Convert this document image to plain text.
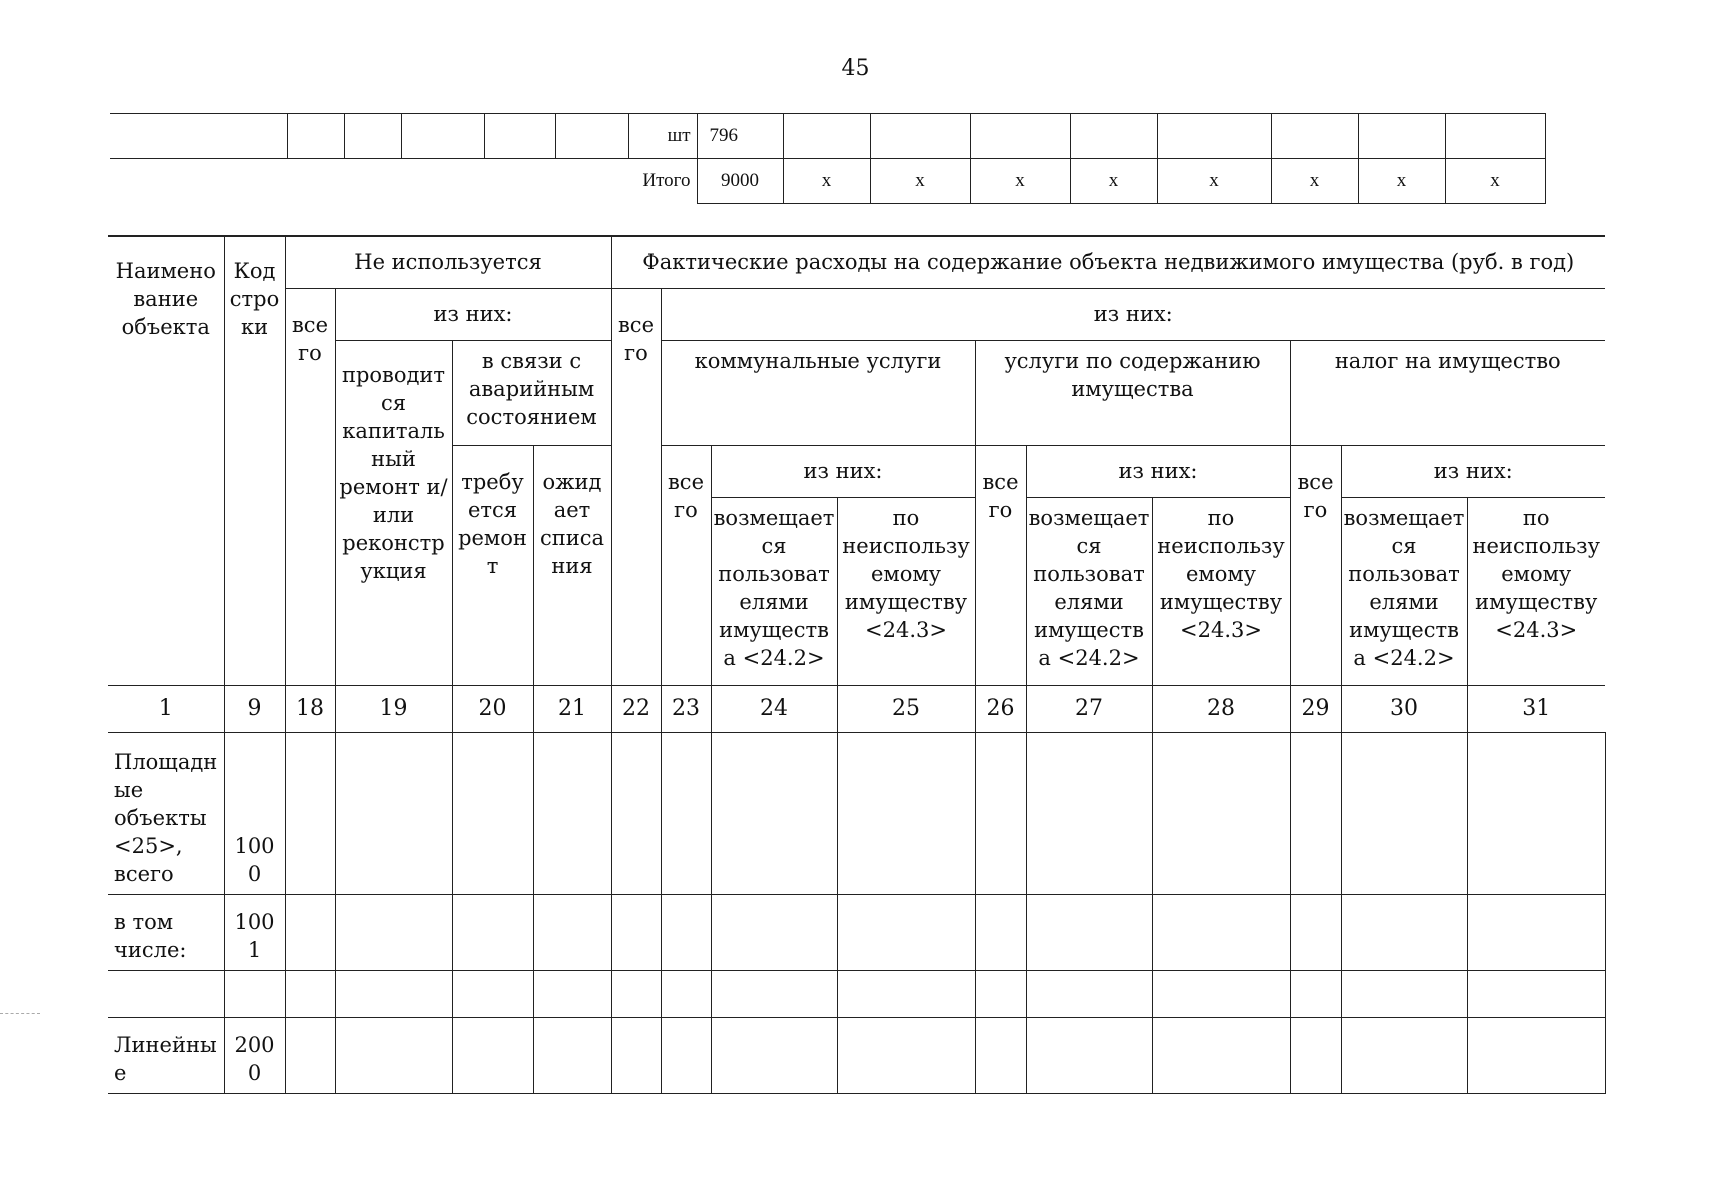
45
						шт	796								
Итого							9000	x	x	x	x	x	x	x	x
Наимено вание объекта	Код стро ки	Не используется				Фактические расходы на содержание объекта недвижимого имущества (руб. в год)									
		все го	из них:			все го	из них:								
			проводит ся капиталь ный ремонт и/или реконстр укция	в связи с аварийным состоянием			коммунальные услуги			услуги по содержанию имущества			налог на имущество		
				требу ется ремон т	ожид ает списа ния		все го	из них:		все го	из них:		все го	из них:	
								возмещает ся пользоват елями имуществ а <24.2>	по неиспользу емому имуществу <24.3>		возмещает ся пользоват елями имуществ а <24.2>	по неиспользу емому имуществу <24.3>		возмещает ся пользоват елями имуществ а <24.2>	по неиспользу емому имуществу <24.3>
1	9	18	19	20	21	22	23	24	25	26	27	28	29	30	31
Площадн ые объекты <25>, всего	100 0														
в том числе:	100 1														

Линейны е	200 0														
